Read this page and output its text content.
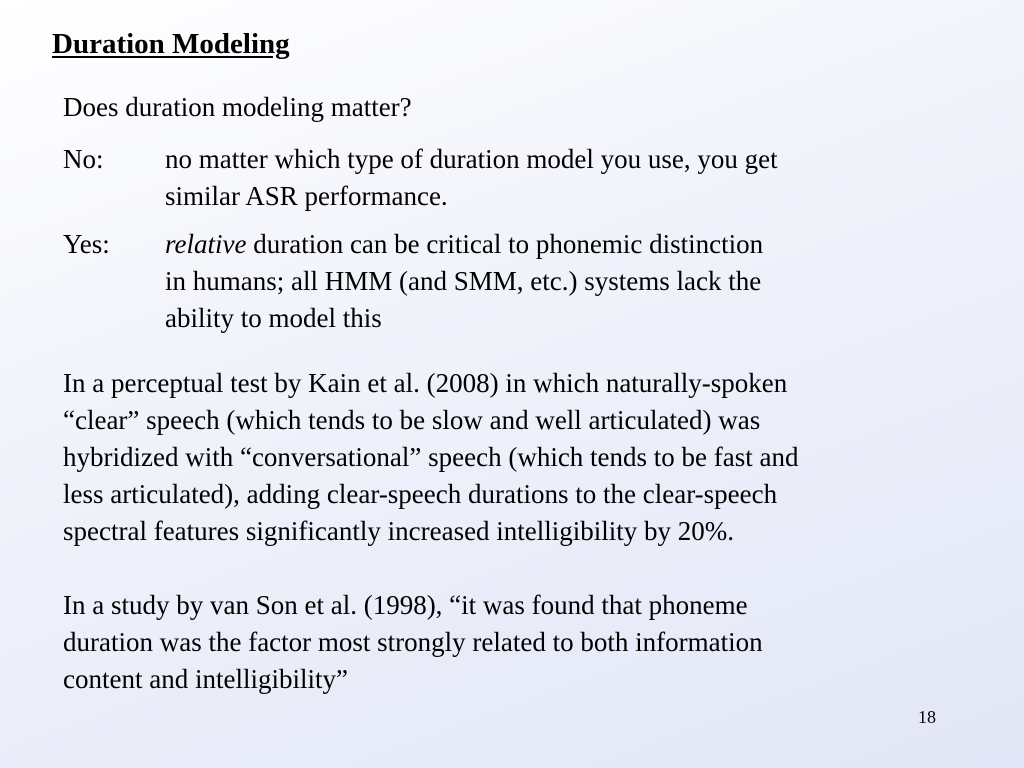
Duration Modeling
Does duration modeling matter?
No: no matter which type of duration model you use, you get
similar ASR performance.
Yes: relative duration can be critical to phonemic distinction
in humans; all HMM (and SMM, etc.) systems lack the
ability to model this
In a perceptual test by Kain et al. (2008) in which naturally-spoken
“clear” speech (which tends to be slow and well articulated) was
hybridized with “conversational” speech (which tends to be fast and
less articulated), adding clear-speech durations to the clear-speech
spectral features significantly increased intelligibility by 20%.
In a study by van Son et al. (1998), “it was found that phoneme
duration was the factor most strongly related to both information
content and intelligibility”
18
